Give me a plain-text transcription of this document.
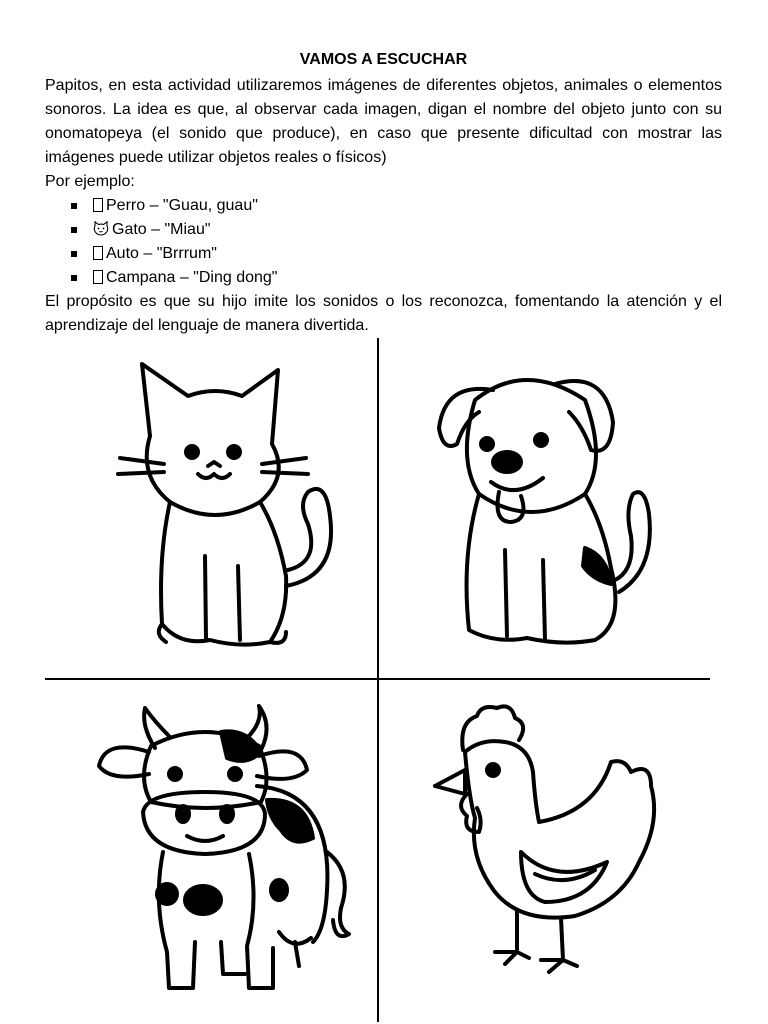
VAMOS A ESCUCHAR

Papitos, en esta actividad utilizaremos imágenes de diferentes objetos, animales o elementos sonoros. La idea es que, al observar cada imagen, digan el nombre del objeto junto con su onomatopeya (el sonido que produce), en caso que presente dificultad con mostrar las imágenes puede utilizar objetos reales o físicos)

Por ejemplo:

Perro – "Guau, guau"
Gato – "Miau"
Auto – "Brrrum"
Campana – "Ding dong"

El propósito es que su hijo imite los sonidos o los reconozca, fomentando la atención y el aprendizaje del lenguaje de manera divertida.
